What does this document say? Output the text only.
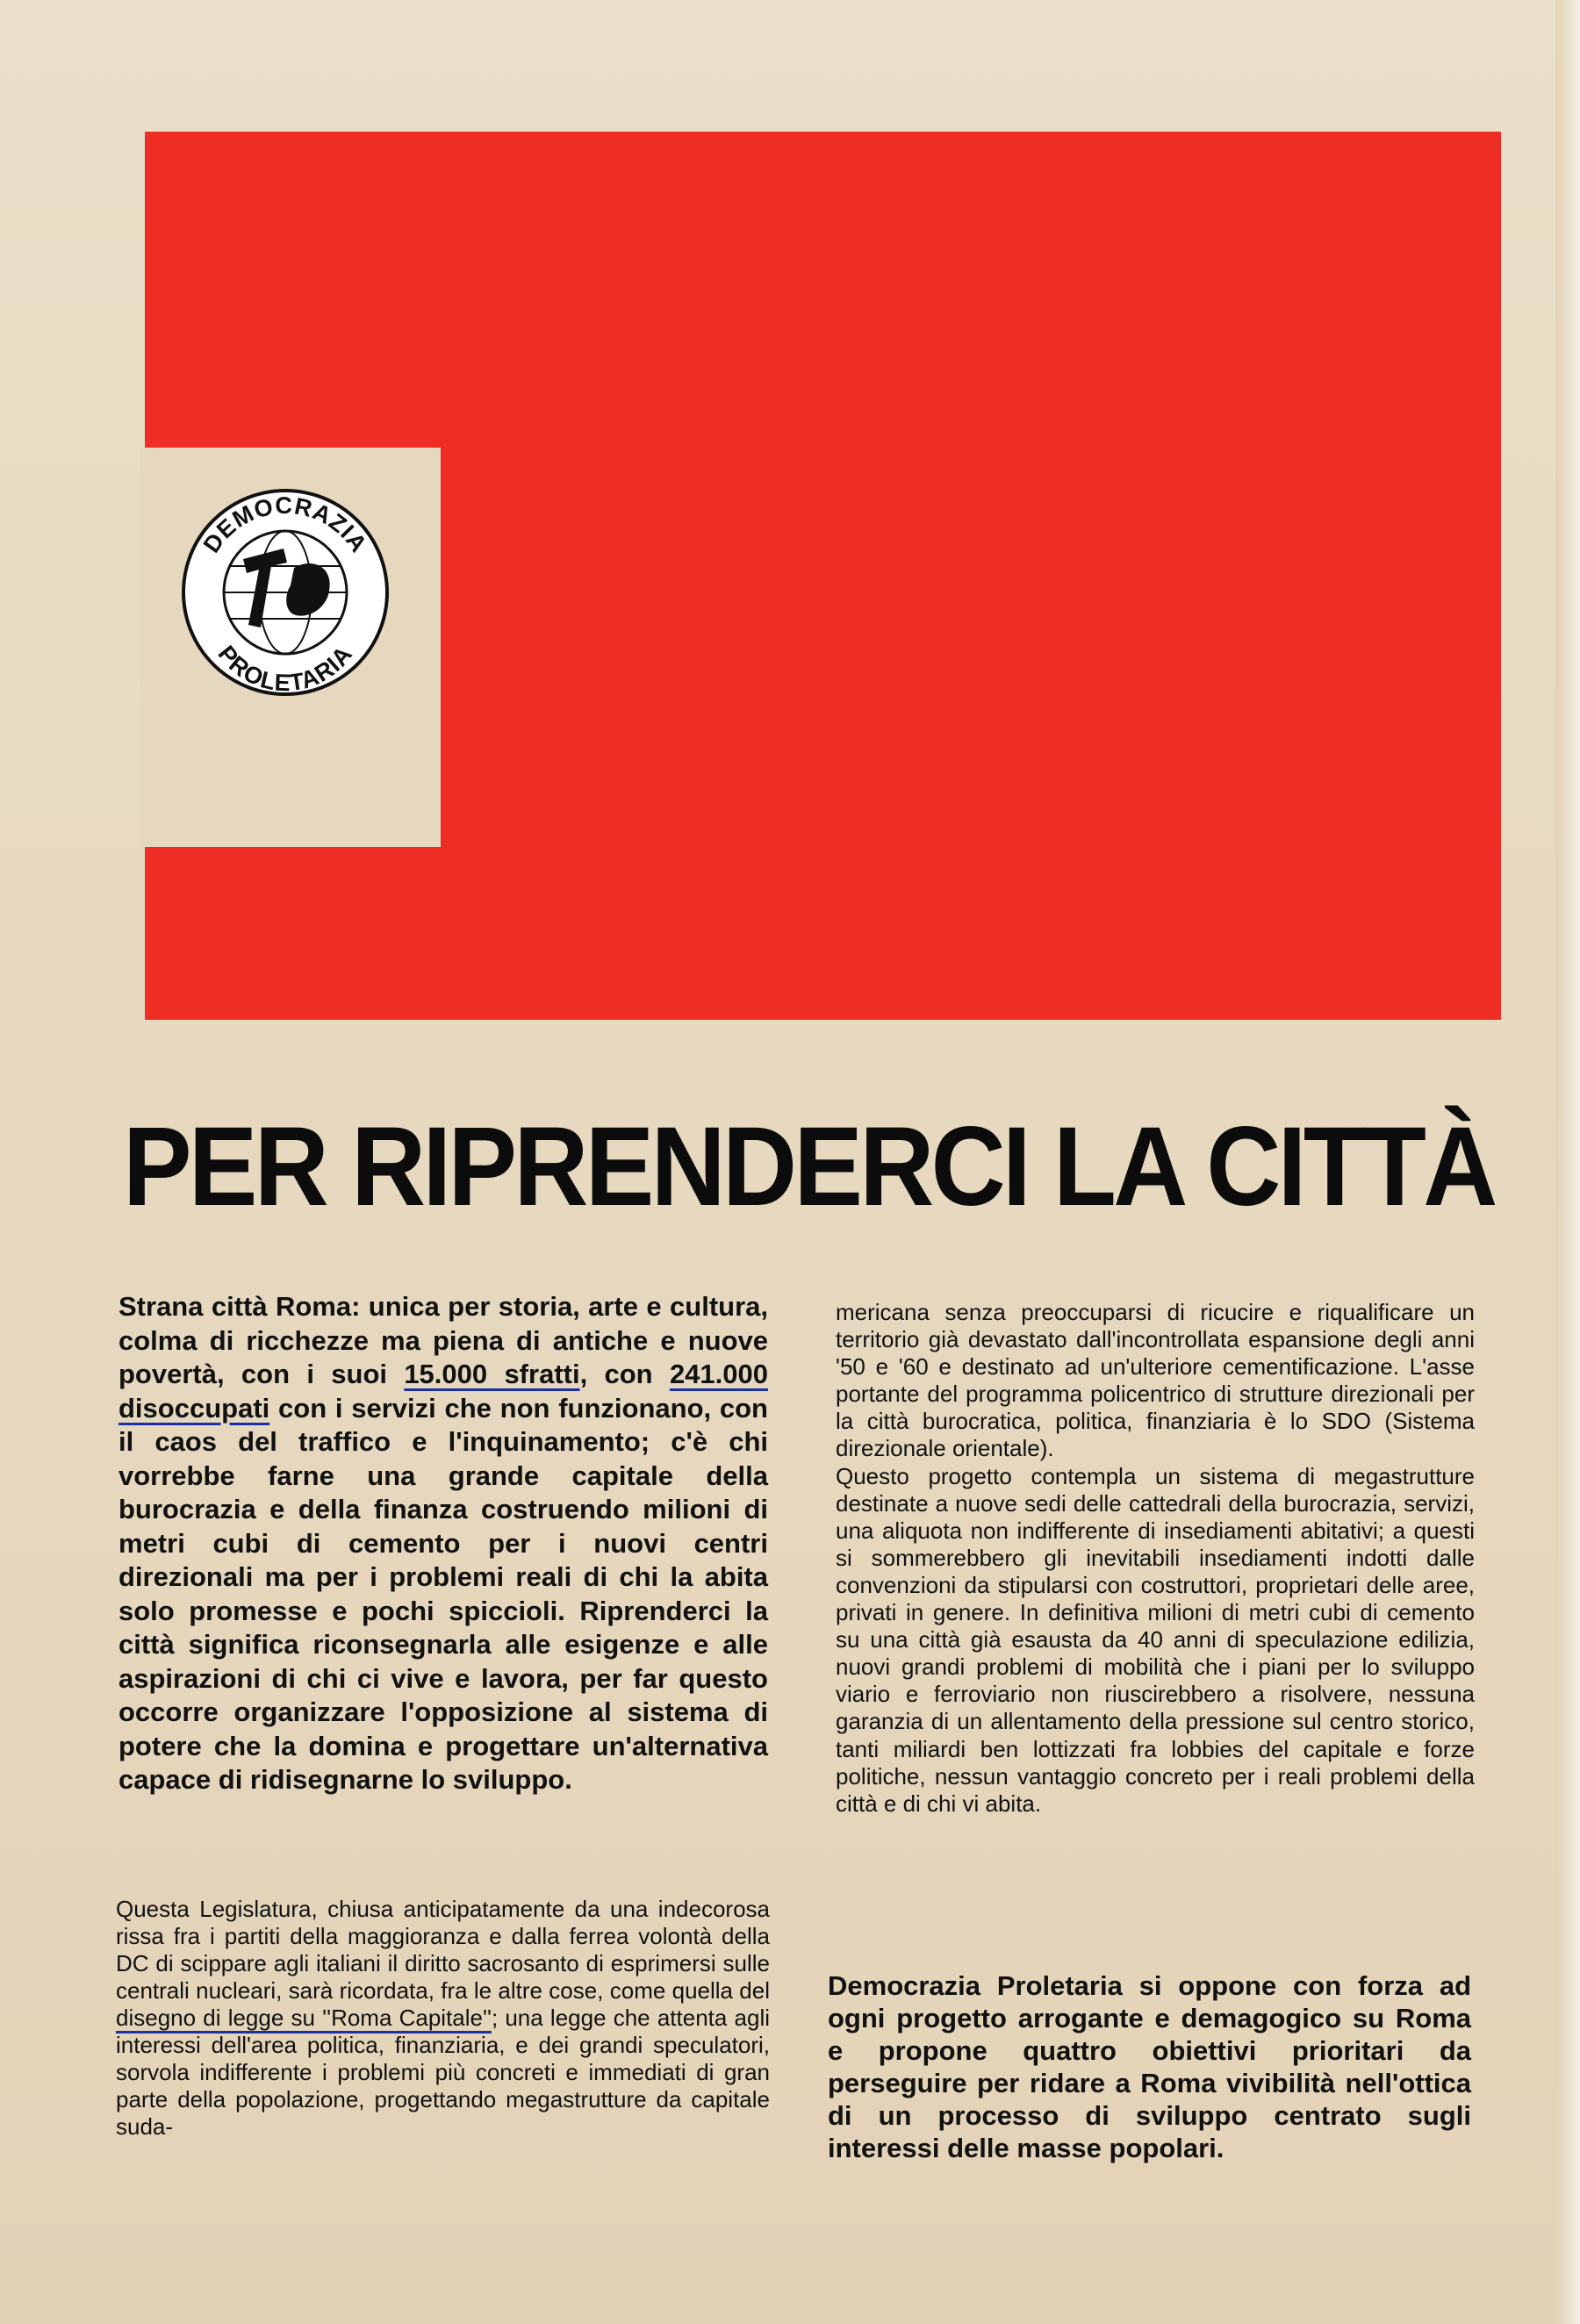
DEMOCRAZIA
PROLETARIA
PER RIPRENDERCI LA CITTÀ
Strana città Roma: unica per storia, arte e cultura, colma di ricchezze ma piena di antiche e nuove povertà, con i suoi 15.000 sfratti, con 241.000 disoccupati con i servizi che non funzionano, con il caos del traffico e l'inquinamento; c'è chi vorrebbe farne una grande capitale della burocrazia e della finanza costruendo milioni di metri cubi di cemento per i nuovi centri direzionali ma per i problemi reali di chi la abita solo promesse e pochi spiccioli. Riprenderci la città significa riconsegnarla alle esigenze e alle aspirazioni di chi ci vive e lavora, per far questo occorre organizzare l'opposizione al sistema di potere che la domina e progettare un'alternativa capace di ridisegnarne lo sviluppo.
Questa Legislatura, chiusa anticipatamente da una indecorosa rissa fra i partiti della maggioranza e dalla ferrea volontà della DC di scippare agli italiani il diritto sacrosanto di esprimersi sulle centrali nucleari, sarà ricordata, fra le altre cose, come quella del disegno di legge su ''Roma Capitale''; una legge che attenta agli interessi dell'area politica, finanziaria, e dei grandi speculatori, sorvola indifferente i problemi più concreti e immediati di gran parte della popolazione, progettando megastrutture da capitale suda-
mericana senza preoccuparsi di ricucire e riqualificare un territorio già devastato dall'incontrollata espansione degli anni '50 e '60 e destinato ad un'ulteriore cementificazione. L'asse portante del programma policentrico di strutture direzionali per la città burocratica, politica, finanziaria è lo SDO (Sistema direzionale orientale).
Questo progetto contempla un sistema di megastrutture destinate a nuove sedi delle cattedrali della burocrazia, servizi, una aliquota non indifferente di insediamenti abitativi; a questi si sommerebbero gli inevitabili insediamenti indotti dalle convenzioni da stipularsi con costruttori, proprietari delle aree, privati in genere. In definitiva milioni di metri cubi di cemento su una città già esausta da 40 anni di speculazione edilizia, nuovi grandi problemi di mobilità che i piani per lo sviluppo viario e ferroviario non riuscirebbero a risolvere, nessuna garanzia di un allentamento della pressione sul centro storico, tanti miliardi ben lottizzati fra lobbies del capitale e forze politiche, nessun vantaggio concreto per i reali problemi della città e di chi vi abita.
Democrazia Proletaria si oppone con forza ad ogni progetto arrogante e demagogico su Roma e propone quattro obiettivi prioritari da perseguire per ridare a Roma vivibilità nell'ottica di un processo di sviluppo centrato sugli interessi delle masse popolari.
